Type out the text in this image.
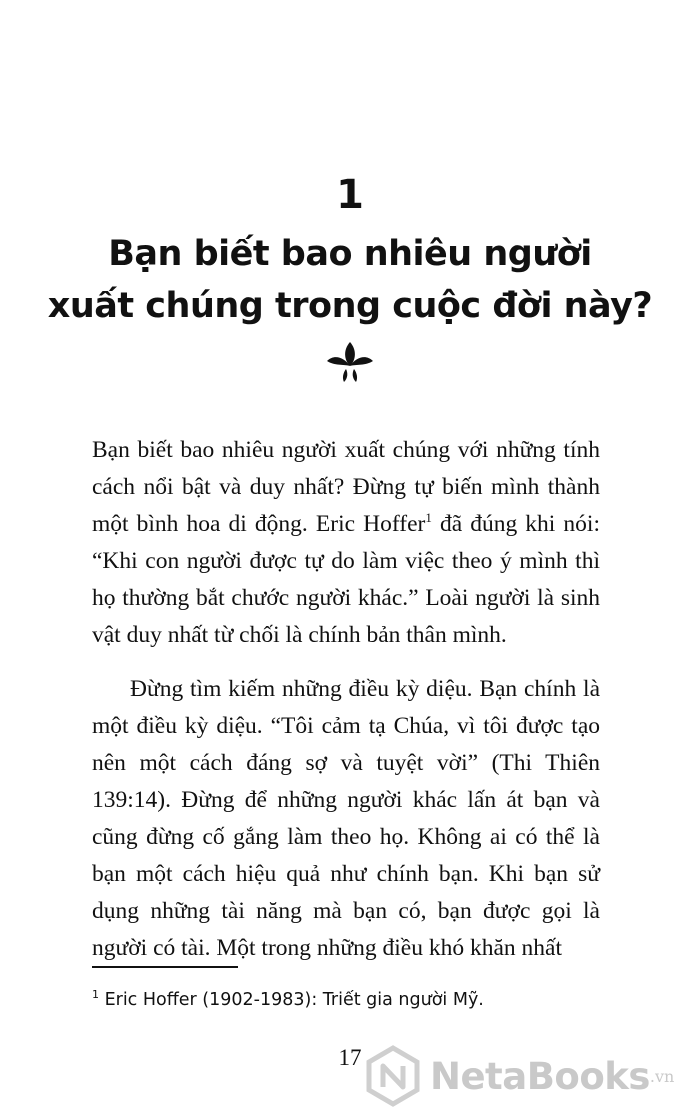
1
Bạn biết bao nhiêu người
xuất chúng trong cuộc đời này?

Bạn biết bao nhiêu người xuất chúng với những tính cách nổi bật và duy nhất? Đừng tự biến mình thành một bình hoa di động. Eric Hoffer$^1$ đã đúng khi nói: “Khi con người được tự do làm việc theo ý mình thì họ thường bắt chước người khác.” Loài người là sinh vật duy nhất từ chối là chính bản thân mình.

Đừng tìm kiếm những điều kỳ diệu. Bạn chính là một điều kỳ diệu. “Tôi cảm tạ Chúa, vì tôi được tạo nên một cách đáng sợ và tuyệt vời” (Thi Thiên 139:14). Đừng để những người khác lấn át bạn và cũng đừng cố gắng làm theo họ. Không ai có thể là bạn một cách hiệu quả như chính bạn. Khi bạn sử dụng những tài năng mà bạn có, bạn được gọi là người có tài. Một trong những điều khó khăn nhất

$^1$ Eric Hoffer (1902-1983): Triết gia người Mỹ.
17	NetaBooks .vn
